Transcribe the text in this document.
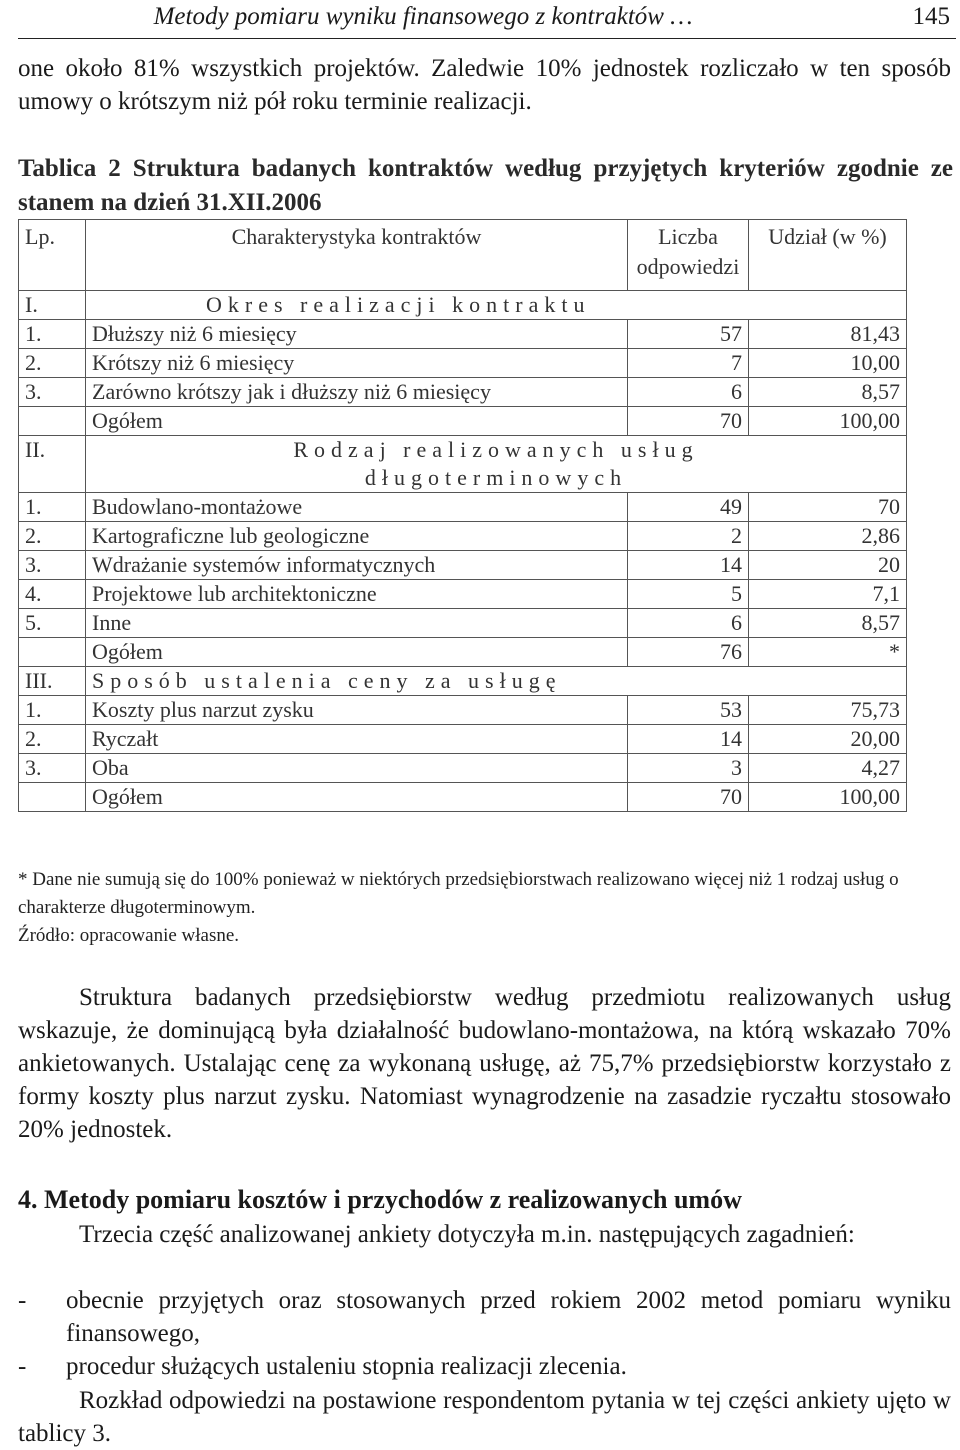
Metody pomiaru wyniku finansowego z kontraktów …	145

one około 81% wszystkich projektów. Zaledwie 10% jednostek rozliczało w ten sposób umowy o krótszym niż pół roku terminie realizacji.

Tablica 2 Struktura badanych kontraktów według przyjętych kryteriów zgodnie ze stanem na dzień 31.XII.2006

Lp.	Charakterystyka kontraktów	Liczba odpowiedzi	Udział (w %)
I.	Okres realizacji kontraktu		
1.	Dłuższy niż 6 miesięcy	57	81,43
2.	Krótszy niż 6 miesięcy	7	10,00
3.	Zarówno krótszy jak i dłuższy niż 6 miesięcy	6	8,57
	Ogółem	70	100,00
II.	Rodzaj realizowanych usług długoterminowych		
1.	Budowlano-montażowe	49	70
2.	Kartograficzne lub geologiczne	2	2,86
3.	Wdrażanie systemów informatycznych	14	20
4.	Projektowe lub architektoniczne	5	7,1
5.	Inne	6	8,57
	Ogółem	76	*
III.	Sposób ustalenia ceny za usługę		
1.	Koszty plus narzut zysku	53	75,73
2.	Ryczałt	14	20,00
3.	Oba	3	4,27
	Ogółem	70	100,00

* Dane nie sumują się do 100% ponieważ w niektórych przedsiębiorstwach realizowano więcej niż 1 rodzaj usług o charakterze długoterminowym.

Źródło: opracowanie własne.

Struktura badanych przedsiębiorstw według przedmiotu realizowanych usług wskazuje, że dominującą była działalność budowlano-montażowa, na którą wskazało 70% ankietowanych. Ustalając cenę za wykonaną usługę, aż 75,7% przedsiębiorstw korzystało z formy koszty plus narzut zysku. Natomiast wynagrodzenie na zasadzie ryczałtu stosowało 20% jednostek.

4. Metody pomiaru kosztów i przychodów z realizowanych umów

Trzecia część analizowanej ankiety dotyczyła m.in. następujących zagadnień:

- obecnie przyjętych oraz stosowanych przed rokiem 2002 metod pomiaru wyniku finansowego,
- procedur służących ustaleniu stopnia realizacji zlecenia.

Rozkład odpowiedzi na postawione respondentom pytania w tej części ankiety ujęto w tablicy 3.
